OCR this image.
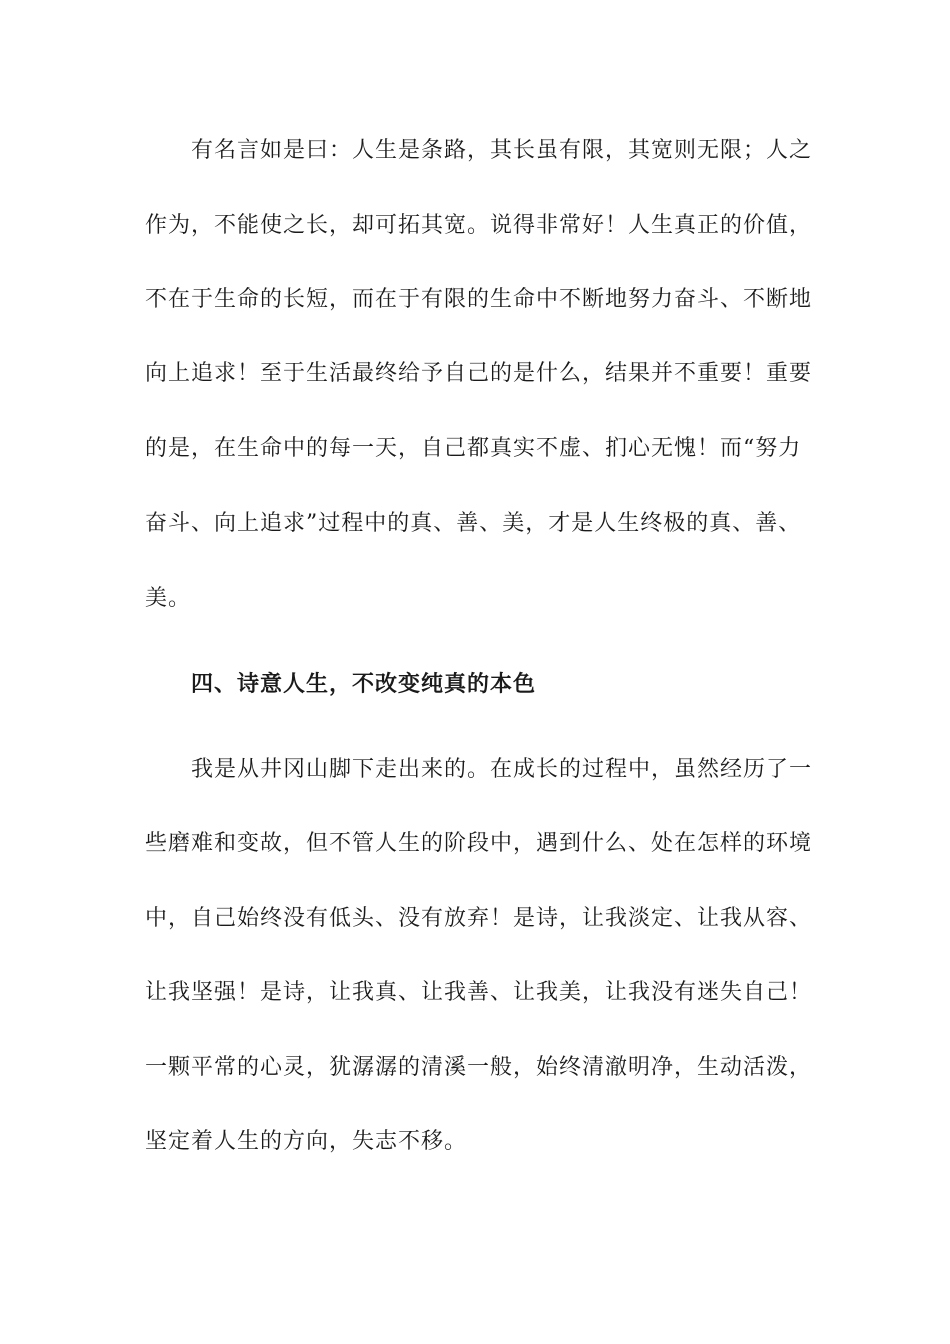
有名言如是曰：人生是条路，其长虽有限，其宽则无限；人之
作为，不能使之长，却可拓其宽。说得非常好！人生真正的价值，
不在于生命的长短，而在于有限的生命中不断地努力奋斗、不断地
向上追求！至于生活最终给予自己的是什么，结果并不重要！重要
的是，在生命中的每一天，自己都真实不虚、扪心无愧！而“努力
奋斗、向上追求”过程中的真、善、美，才是人生终极的真、善、
美。
四、诗意人生，不改变纯真的本色
我是从井冈山脚下走出来的。在成长的过程中，虽然经历了一
些磨难和变故，但不管人生的阶段中，遇到什么、处在怎样的环境
中，自己始终没有低头、没有放弃！是诗，让我淡定、让我从容、
让我坚强！是诗，让我真、让我善、让我美，让我没有迷失自己！
一颗平常的心灵，犹潺潺的清溪一般，始终清澈明净，生动活泼，
坚定着人生的方向，失志不移。
